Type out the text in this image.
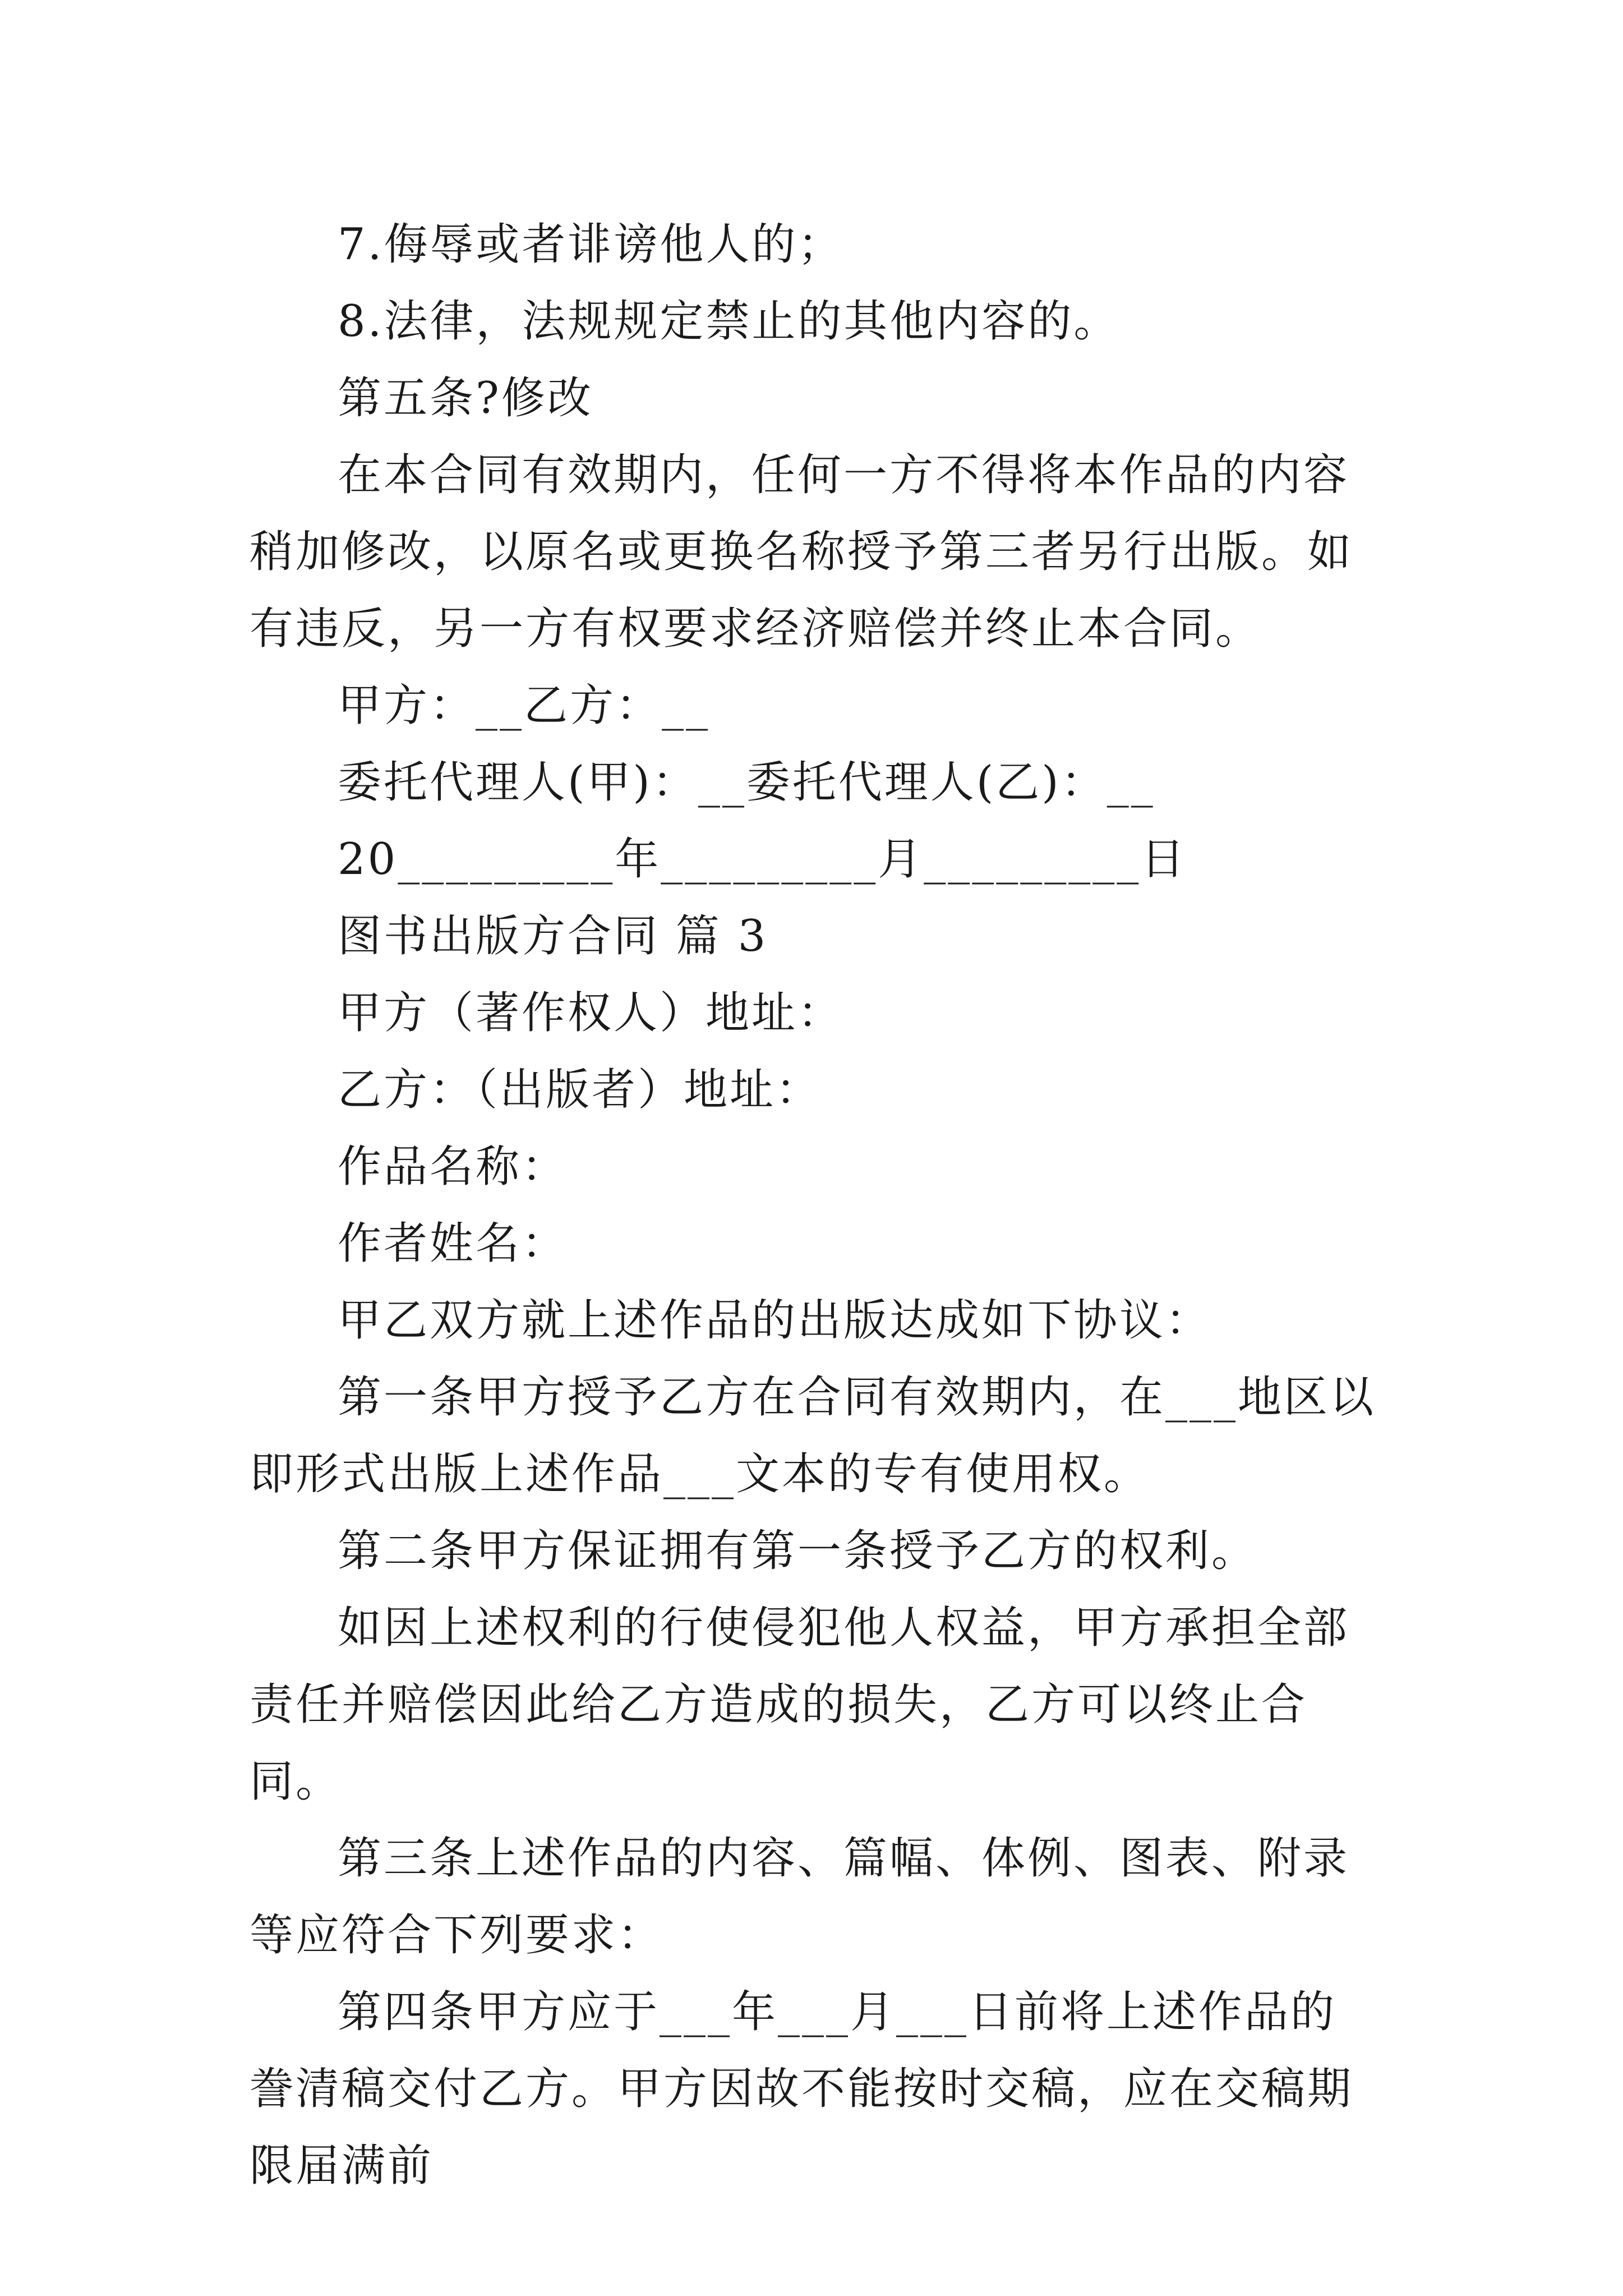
7.侮辱或者诽谤他人的；

8.法律，法规规定禁止的其他内容的。

第五条?修改

在本合同有效期内，任何一方不得将本作品的内容稍加修改，以原名或更换名称授予第三者另行出版。如有违反，另一方有权要求经济赔偿并终止本合同。

甲方：__乙方：__

委托代理人(甲)：__委托代理人(乙)：__

20_________年_________月_________日

图书出版方合同 篇 3

甲方（著作权人）地址：

乙方：（出版者）地址：

作品名称：

作者姓名：

甲乙双方就上述作品的出版达成如下协议：

第一条甲方授予乙方在合同有效期内，在___地区以即形式出版上述作品___文本的专有使用权。

第二条甲方保证拥有第一条授予乙方的权利。

如因上述权利的行使侵犯他人权益，甲方承担全部责任并赔偿因此给乙方造成的损失，乙方可以终止合同。

第三条上述作品的内容、篇幅、体例、图表、附录等应符合下列要求：

第四条甲方应于___年___月___日前将上述作品的誊清稿交付乙方。甲方因故不能按时交稿，应在交稿期限届满前
